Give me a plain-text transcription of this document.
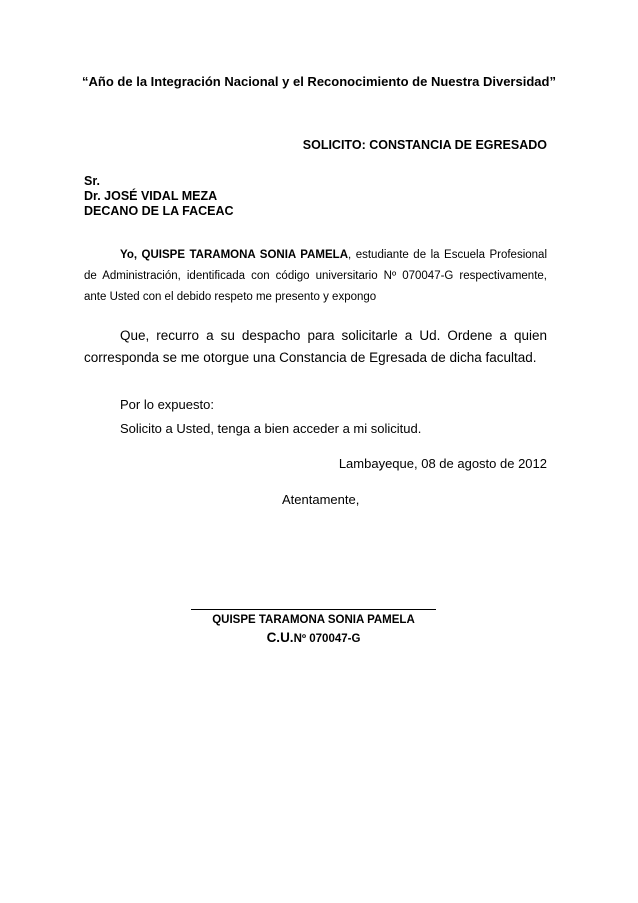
“Año de la Integración Nacional y el Reconocimiento de Nuestra Diversidad”
SOLICITO: CONSTANCIA DE EGRESADO
Sr.
Dr. JOSÉ VIDAL MEZA
DECANO DE LA FACEAC
Yo, QUISPE TARAMONA SONIA PAMELA, estudiante de la Escuela Profesional de Administración, identificada con código universitario Nº 070047-G respectivamente, ante Usted con el debido respeto me presento y expongo
Que, recurro a su despacho para solicitarle a Ud. Ordene a quien corresponda se me otorgue una Constancia de Egresada de dicha facultad.
Por lo expuesto:
Solicito a Usted, tenga a bien acceder a mi solicitud.
Lambayeque, 08 de agosto de 2012
Atentamente,
QUISPE TARAMONA SONIA PAMELA
C.U.Nº 070047-G
